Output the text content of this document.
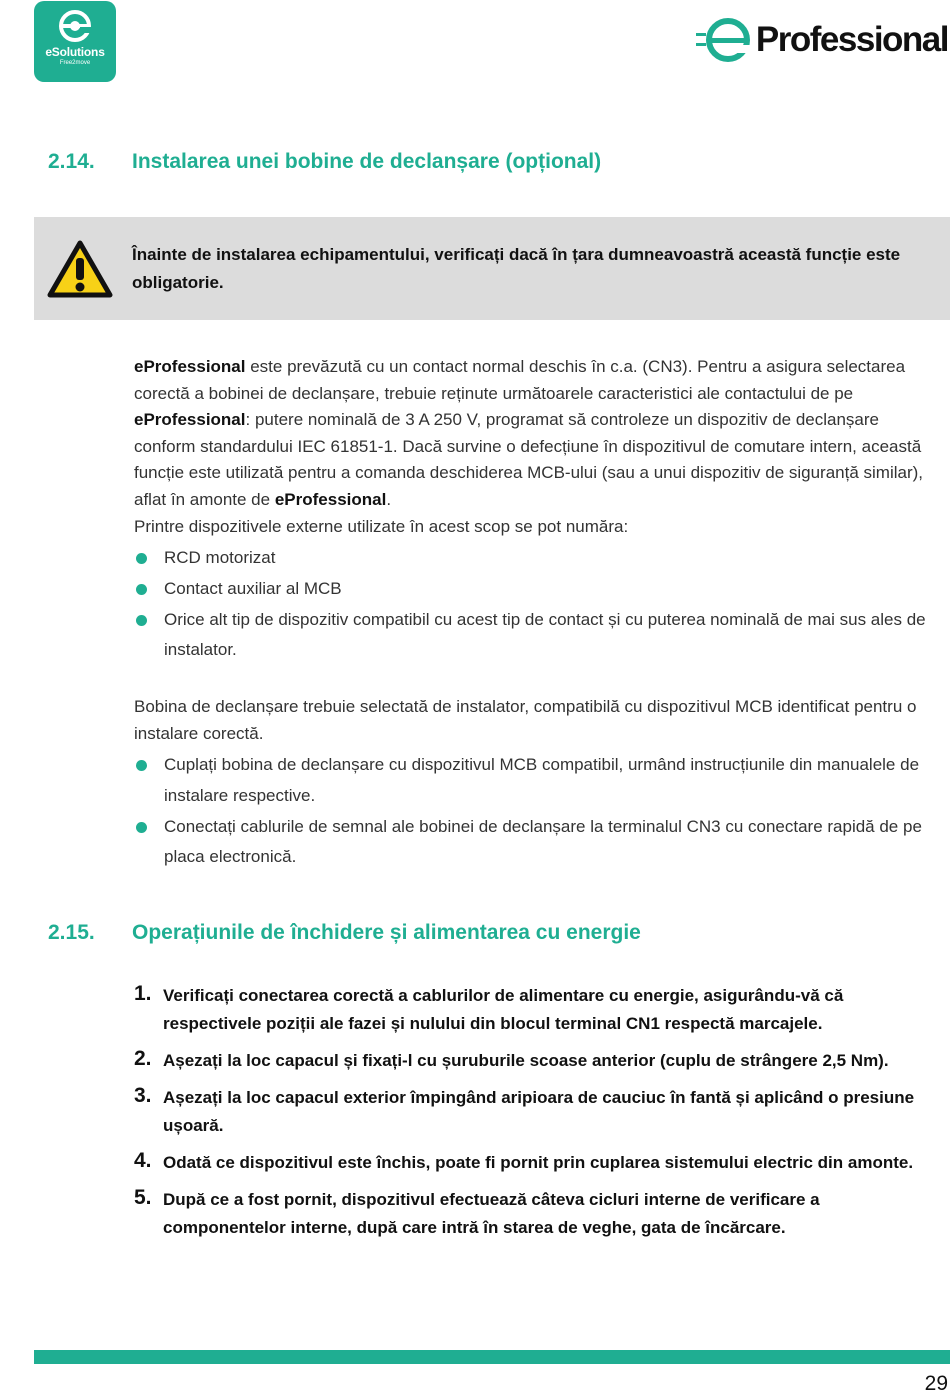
eSolutions
Free2move
Professional
2.14.	Instalarea unei bobine de declanșare (opțional)
Înainte de instalarea echipamentului, verificați dacă în țara dumneavoastră această funcție este obligatorie.
eProfessional este prevăzută cu un contact normal deschis în c.a. (CN3). Pentru a asigura selectarea corectă a bobinei de declanșare, trebuie reținute următoarele caracteristici ale contactului de pe eProfessional: putere nominală de 3 A 250 V, programat să controleze un dispozitiv de declanșare conform standardului IEC 61851-1. Dacă survine o defecțiune în dispozitivul de comutare intern, această funcție este utilizată pentru a comanda deschiderea MCB-ului (sau a unui dispozitiv de siguranță similar), aflat în amonte de eProfessional.
Printre dispozitivele externe utilizate în acest scop se pot număra:
RCD motorizat
Contact auxiliar al MCB
Orice alt tip de dispozitiv compatibil cu acest tip de contact și cu puterea nominală de mai sus ales de instalator.
Bobina de declanșare trebuie selectată de instalator, compatibilă cu dispozitivul MCB identificat pentru o instalare corectă.
Cuplați bobina de declanșare cu dispozitivul MCB compatibil, urmând instrucțiunile din manualele de instalare respective.
Conectați cablurile de semnal ale bobinei de declanșare la terminalul CN3 cu conectare rapidă de pe placa electronică.
2.15.	Operațiunile de închidere și alimentarea cu energie
1. Verificați conectarea corectă a cablurilor de alimentare cu energie, asigurându-vă că respectivele poziții ale fazei și nulului din blocul terminal CN1 respectă marcajele.
2. Așezați la loc capacul și fixați-l cu șuruburile scoase anterior (cuplu de strângere 2,5 Nm).
3. Așezați la loc capacul exterior împingând aripioara de cauciuc în fantă și aplicând o presiune ușoară.
4. Odată ce dispozitivul este închis, poate fi pornit prin cuplarea sistemului electric din amonte.
5. După ce a fost pornit, dispozitivul efectuează câteva cicluri interne de verificare a componentelor interne, după care intră în starea de veghe, gata de încărcare.
29
